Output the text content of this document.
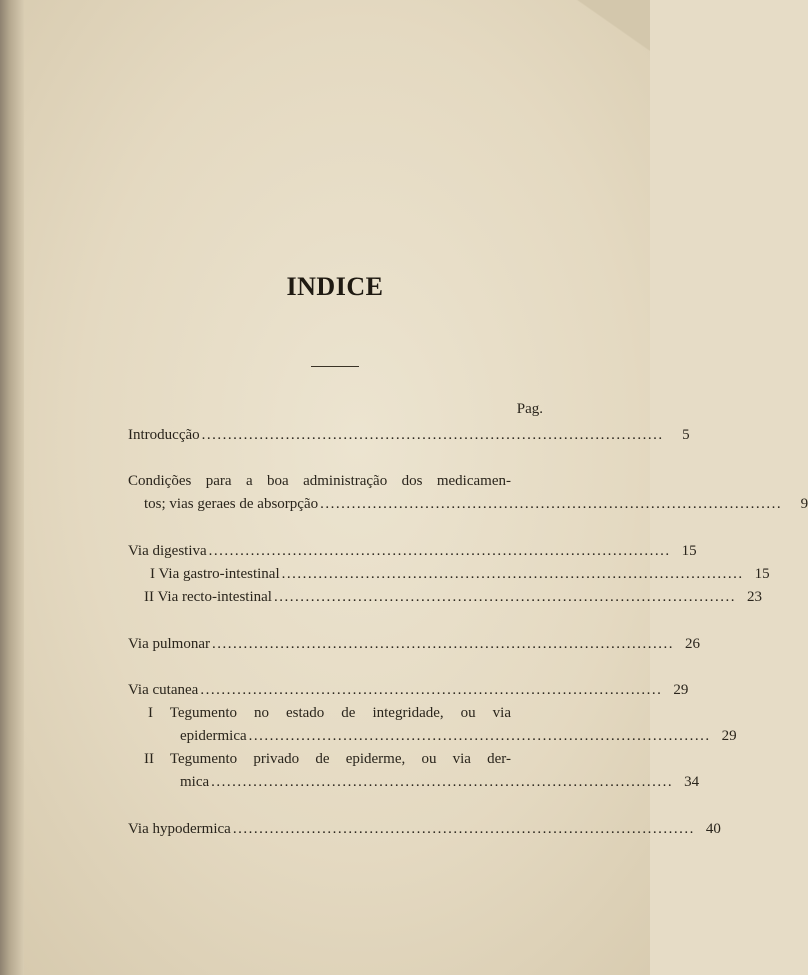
INDICE
Pag.
Introducção ........................................................................................	5
Condições para a boa administração dos medicamen-
tos; vias geraes de absorpção ........................................................................................	9
Via digestiva ........................................................................................ 15
I Via gastro-intestinal ........................................................................................ 15
II Via recto-intestinal ........................................................................................ 23
Via pulmonar ........................................................................................ 26
Via cutanea ........................................................................................ 29
I Tegumento no estado de integridade, ou via
epidermica ........................................................................................ 29
II Tegumento privado de epiderme, ou via der-
mica ........................................................................................ 34
Via hypodermica ........................................................................................ 40
